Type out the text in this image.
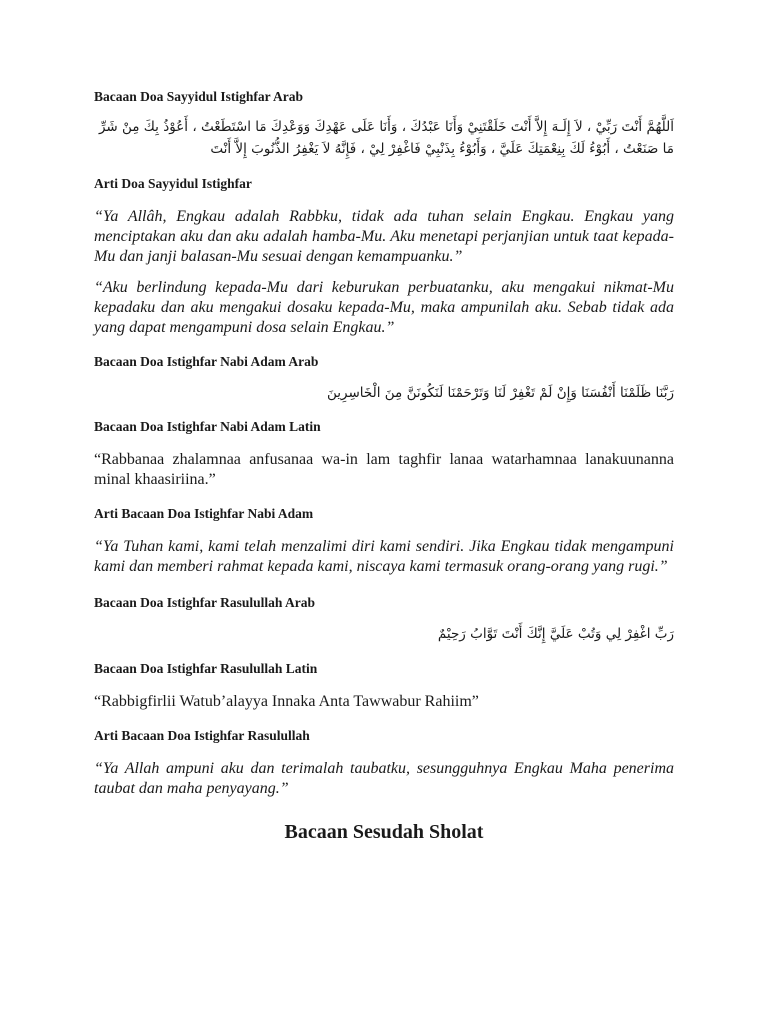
Bacaan Doa Sayyidul Istighfar Arab

اَللَّهُمَّ أَنْتَ رَبِّيْ ، لاَ إِلَـهَ إِلاَّ أَنْتَ خَلَقْتَنِيْ وَأَنَا عَبْدُكَ ، وَأَنَا عَلَى عَهْدِكَ وَوَعْدِكَ مَا اسْتَطَعْتُ ، أَعُوْذُ بِكَ مِنْ شَرِّ مَا صَنَعْتُ ، أَبُوْءُ لَكَ بِنِعْمَتِكَ عَلَيَّ ، وَأَبُوْءُ بِذَنْبِيْ فَاغْفِرْ لِيْ ، فَإِنَّهُ لاَ يَغْفِرُ الذُّنُوبَ إِلاَّ أَنْتَ

Arti Doa Sayyidul Istighfar

“Ya Allâh, Engkau adalah Rabbku, tidak ada tuhan selain Engkau. Engkau yang menciptakan aku dan aku adalah hamba-Mu. Aku menetapi perjanjian untuk taat kepada-Mu dan janji balasan-Mu sesuai dengan kemampuanku.”

“Aku berlindung kepada-Mu dari keburukan perbuatanku, aku mengakui nikmat-Mu kepadaku dan aku mengakui dosaku kepada-Mu, maka ampunilah aku. Sebab tidak ada yang dapat mengampuni dosa selain Engkau.”

Bacaan Doa Istighfar Nabi Adam Arab

رَبَّنَا ظَلَمْنَا أَنْفُسَنَا وَإِنْ لَمْ تَغْفِرْ لَنَا وَتَرْحَمْنَا لَنَكُونَنَّ مِنَ الْخَاسِرِينَ

Bacaan Doa Istighfar Nabi Adam Latin

“Rabbanaa zhalamnaa anfusanaa wa-in lam taghfir lanaa watarhamnaa lanakuunanna minal khaasiriina.”

Arti Bacaan Doa Istighfar Nabi Adam

“Ya Tuhan kami, kami telah menzalimi diri kami sendiri. Jika Engkau tidak mengampuni kami dan memberi rahmat kepada kami, niscaya kami termasuk orang-orang yang rugi.”

Bacaan Doa Istighfar Rasulullah Arab

رَبِّ اغْفِرْ لِي وَتُبْ عَلَيَّ إِنَّكَ أَنْتَ تَوَّابُ رَحِيْمٌ

Bacaan Doa Istighfar Rasulullah Latin

“Rabbigfirlii Watub’alayya Innaka Anta Tawwabur Rahiim”

Arti Bacaan Doa Istighfar Rasulullah

“Ya Allah ampuni aku dan terimalah taubatku, sesungguhnya Engkau Maha penerima taubat dan maha penyayang.”

Bacaan Sesudah Sholat
